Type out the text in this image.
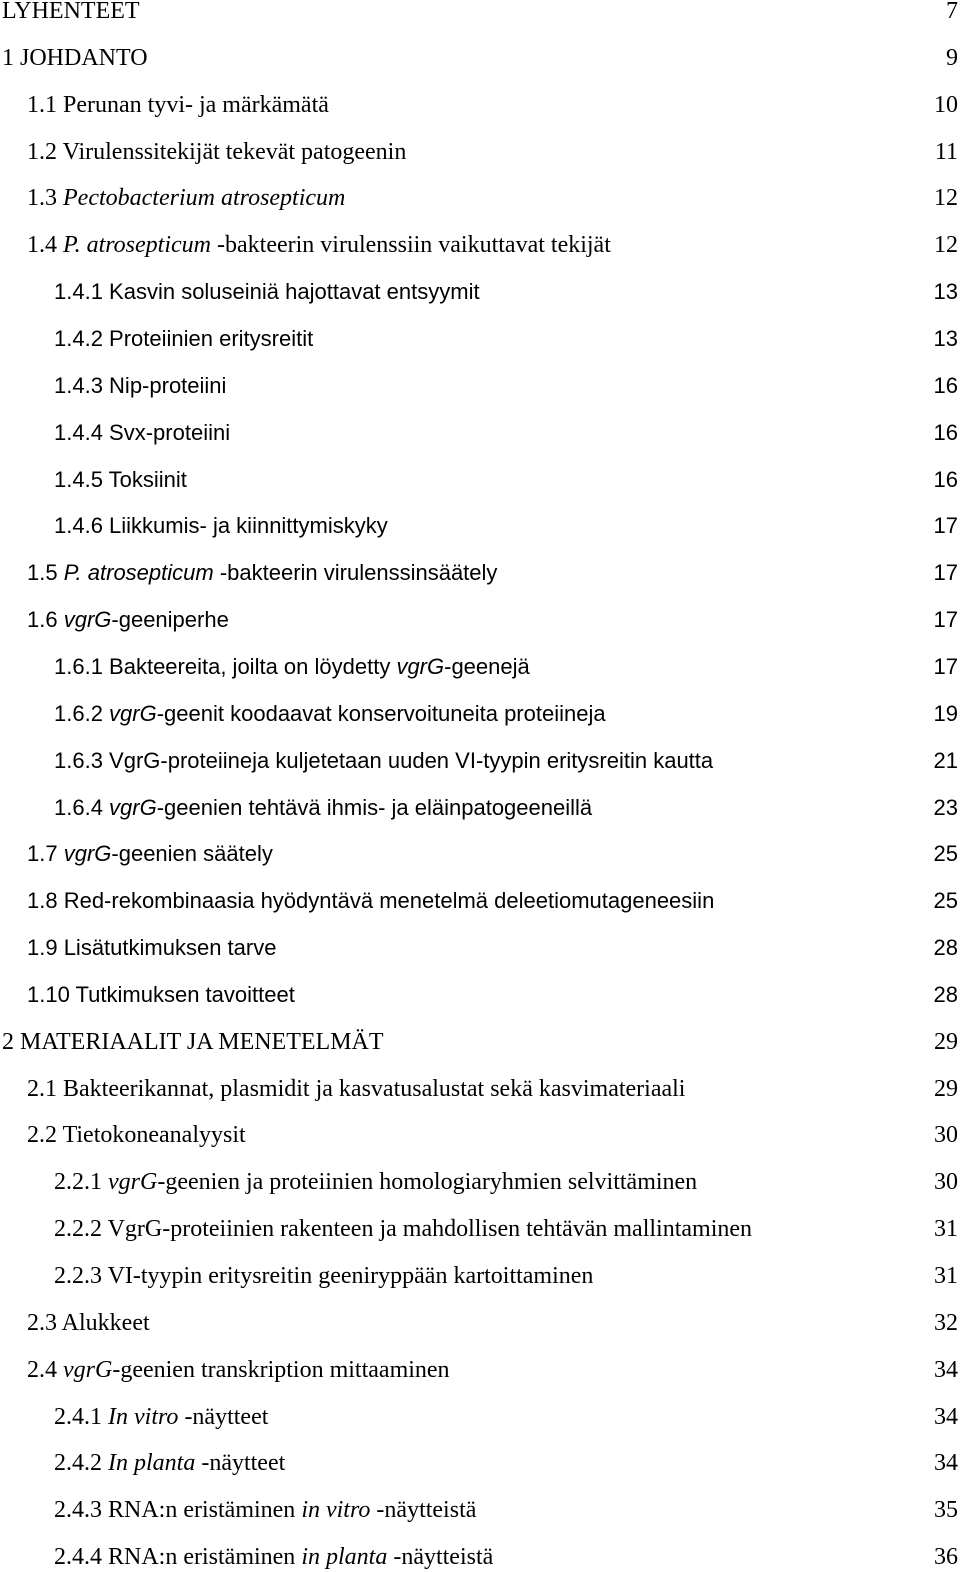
LYHENTEET	7
1 JOHDANTO	9
1.1 Perunan tyvi- ja märkämätä	10
1.2 Virulenssitekijät tekevät patogeenin	11
1.3 Pectobacterium atrosepticum	12
1.4 P. atrosepticum -bakteerin virulenssiin vaikuttavat tekijät	12
1.4.1 Kasvin soluseiniä hajottavat entsyymit	13
1.4.2 Proteiinien eritysreitit	13
1.4.3 Nip-proteiini	16
1.4.4 Svx-proteiini	16
1.4.5 Toksiinit	16
1.4.6 Liikkumis- ja kiinnittymiskyky	17
1.5 P. atrosepticum -bakteerin virulenssinsäätely	17
1.6 vgrG-geeniperhe	17
1.6.1 Bakteereita, joilta on löydetty vgrG-geenejä	17
1.6.2 vgrG-geenit koodaavat konservoituneita proteiineja	19
1.6.3 VgrG-proteiineja kuljetetaan uuden VI-tyypin eritysreitin kautta	21
1.6.4 vgrG-geenien tehtävä ihmis- ja eläinpatogeeneillä	23
1.7 vgrG-geenien säätely	25
1.8 Red-rekombinaasia hyödyntävä menetelmä deleetiomutageneesiin	25
1.9 Lisätutkimuksen tarve	28
1.10 Tutkimuksen tavoitteet	28
2 MATERIAALIT JA MENETELMÄT	29
2.1 Bakteerikannat, plasmidit ja kasvatusalustat sekä kasvimateriaali	29
2.2 Tietokoneanalyysit	30
2.2.1 vgrG-geenien ja proteiinien homologiaryhmien selvittäminen	30
2.2.2 VgrG-proteiinien rakenteen ja mahdollisen tehtävän mallintaminen	31
2.2.3 VI-tyypin eritysreitin geeniryppään kartoittaminen	31
2.3 Alukkeet	32
2.4 vgrG-geenien transkription mittaaminen	34
2.4.1 In vitro -näytteet	34
2.4.2 In planta -näytteet	34
2.4.3 RNA:n eristäminen in vitro -näytteistä	35
2.4.4 RNA:n eristäminen in planta -näytteistä	36
